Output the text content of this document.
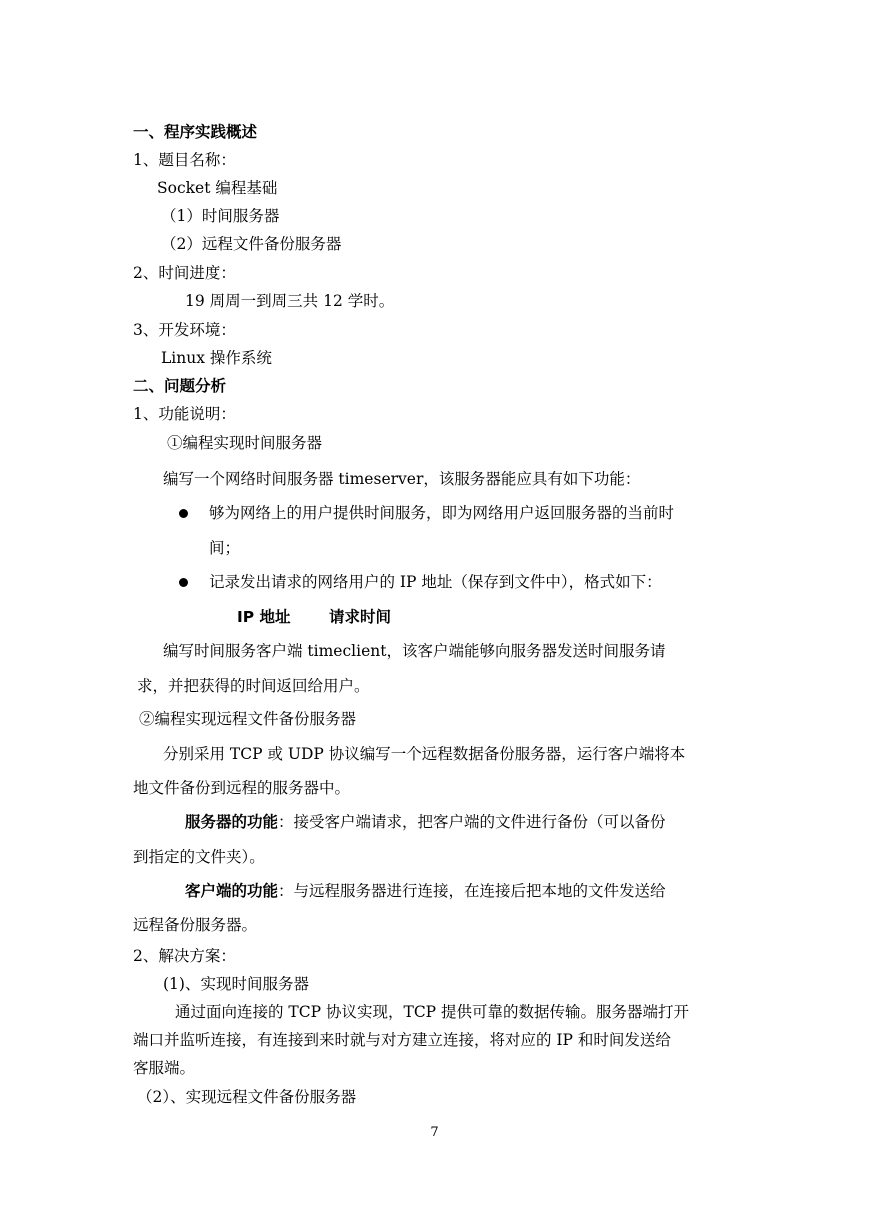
一、程序实践概述
1、题目名称：
Socket 编程基础
（1）时间服务器
（2）远程文件备份服务器
2、时间进度：
19 周周一到周三共 12 学时。
3、开发环境：
Linux 操作系统
二、问题分析
1、功能说明：
①编程实现时间服务器
编写一个网络时间服务器 timeserver，该服务器能应具有如下功能：
够为网络上的用户提供时间服务，即为网络用户返回服务器的当前时
间；
记录发出请求的网络用户的 IP 地址（保存到文件中），格式如下：
IP 地址 请求时间
编写时间服务客户端 timeclient，该客户端能够向服务器发送时间服务请
求，并把获得的时间返回给用户。
②编程实现远程文件备份服务器
分别采用 TCP 或 UDP 协议编写一个远程数据备份服务器，运行客户端将本
地文件备份到远程的服务器中。
服务器的功能：接受客户端请求，把客户端的文件进行备份（可以备份
到指定的文件夹）。
客户端的功能：与远程服务器进行连接，在连接后把本地的文件发送给
远程备份服务器。
2、解决方案：
(1)、实现时间服务器
通过面向连接的 TCP 协议实现，TCP 提供可靠的数据传输。服务器端打开
端口并监听连接，有连接到来时就与对方建立连接，将对应的 IP 和时间发送给
客服端。
（2）、实现远程文件备份服务器
7
